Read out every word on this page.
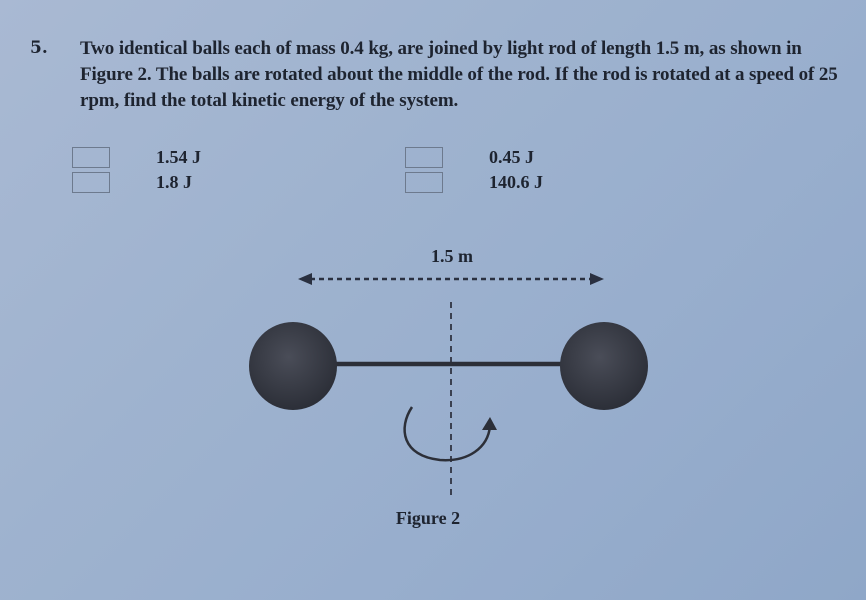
5. Two identical balls each of mass 0.4 kg, are joined by light rod of length 1.5 m, as shown in Figure 2. The balls are rotated about the middle of the rod. If the rod is rotated at a speed of 25 rpm, find the total kinetic energy of the system.
1.54 J
1.8 J
0.45 J
140.6 J
1.5 m
Figure 2
